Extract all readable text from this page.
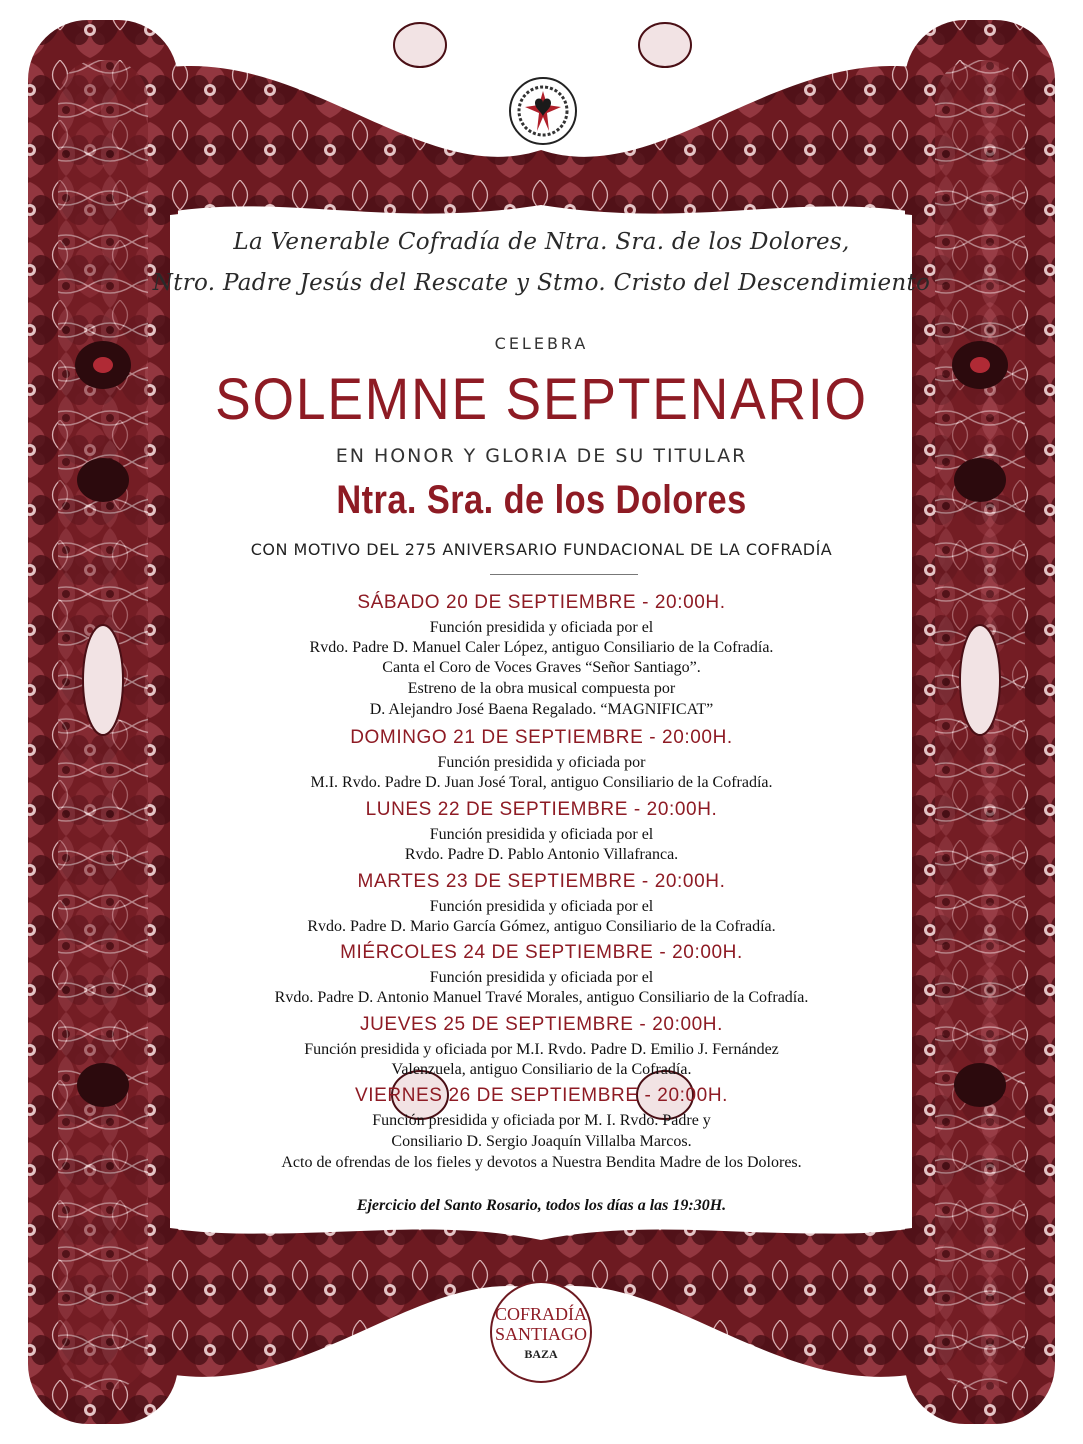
La Venerable Cofradía de Ntra. Sra. de los Dolores,
Ntro. Padre Jesús del Rescate y Stmo. Cristo del Descendimiento
CELEBRA
SOLEMNE SEPTENARIO
EN HONOR Y GLORIA DE SU TITULAR
Ntra. Sra. de los Dolores
CON MOTIVO DEL 275 ANIVERSARIO FUNDACIONAL DE LA COFRADÍA
SÁBADO 20 DE SEPTIEMBRE - 20:00H.
Función presidida y oficiada por el
Rvdo. Padre D. Manuel Caler López, antiguo Consiliario de la Cofradía.
Canta el Coro de Voces Graves “Señor Santiago”.
Estreno de la obra musical compuesta por
D. Alejandro José Baena Regalado. “MAGNIFICAT”
DOMINGO 21 DE SEPTIEMBRE - 20:00H.
Función presidida y oficiada por
M.I. Rvdo. Padre D. Juan José Toral, antiguo Consiliario de la Cofradía.
LUNES 22 DE SEPTIEMBRE - 20:00H.
Función presidida y oficiada por el
Rvdo. Padre D. Pablo Antonio Villafranca.
MARTES 23 DE SEPTIEMBRE - 20:00H.
Función presidida y oficiada por el
Rvdo. Padre D. Mario García Gómez, antiguo Consiliario de la Cofradía.
MIÉRCOLES 24 DE SEPTIEMBRE - 20:00H.
Función presidida y oficiada por el
Rvdo. Padre D. Antonio Manuel Travé Morales, antiguo Consiliario de la Cofradía.
JUEVES 25 DE SEPTIEMBRE - 20:00H.
Función presidida y oficiada por M.I. Rvdo. Padre D. Emilio J. Fernández
Valenzuela, antiguo Consiliario de la Cofradía.
VIERNES 26 DE SEPTIEMBRE - 20:00H.
Función presidida y oficiada por M. I. Rvdo. Padre y
Consiliario D. Sergio Joaquín Villalba Marcos.
Acto de ofrendas de los fieles y devotos a Nuestra Bendita Madre de los Dolores.
Ejercicio del Santo Rosario, todos los días a las 19:30H.
COFRADÍA
SANTIAGO
BAZA
